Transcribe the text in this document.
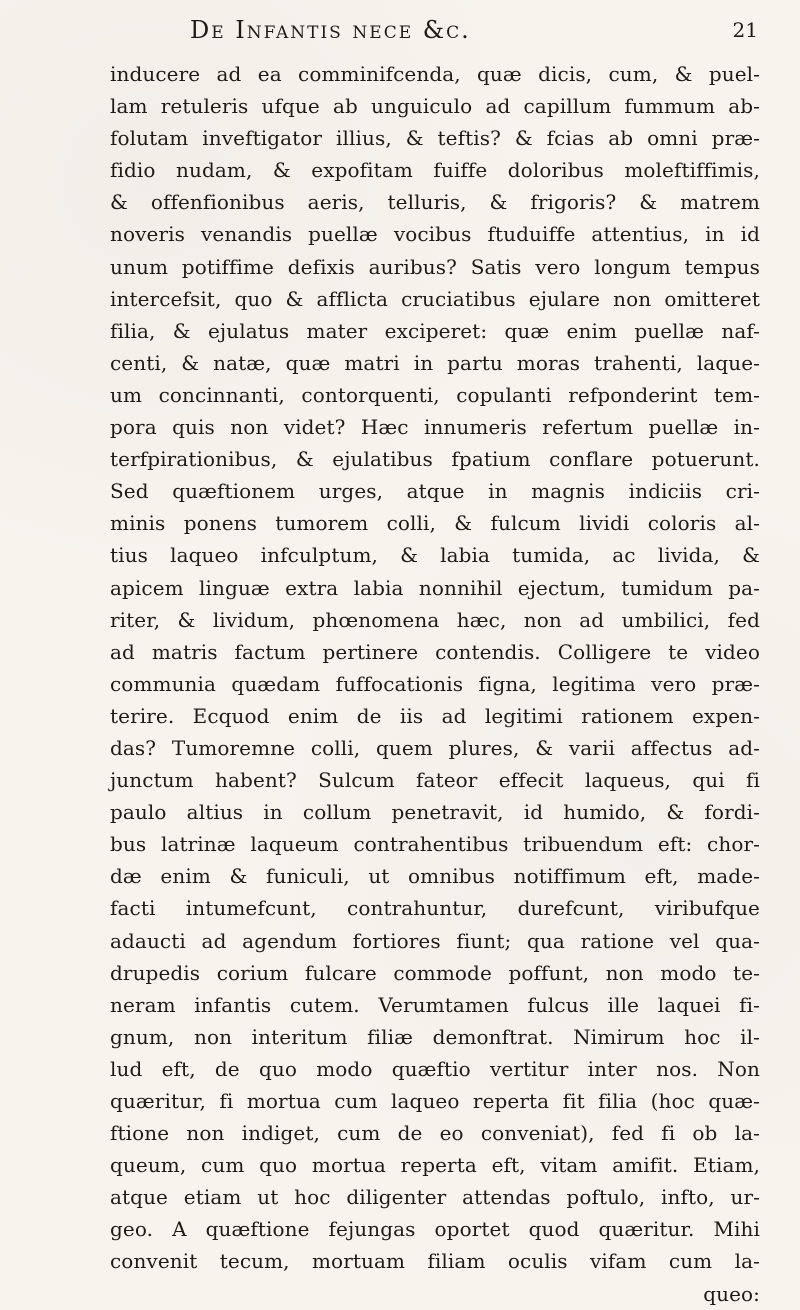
De Infantis nece &c.	21
inducere ad ea comminifcenda, quæ dicis, cum, & puel-
lam retuleris ufque ab unguiculo ad capillum fummum ab-
folutam inveftigator illius, & teftis? & fcias ab omni præ-
fidio nudam, & expofitam fuiffe doloribus moleftiffimis,
& offenfionibus aeris, telluris, & frigoris? & matrem
noveris venandis puellæ vocibus ftuduiffe attentius, in id
unum potiffime defixis auribus? Satis vero longum tempus
intercefsit, quo & afflicta cruciatibus ejulare non omitteret
filia, & ejulatus mater exciperet: quæ enim puellæ naf-
centi, & natæ, quæ matri in partu moras trahenti, laque-
um concinnanti, contorquenti, copulanti refponderint tem-
pora quis non videt? Hæc innumeris refertum puellæ in-
terfpirationibus, & ejulatibus fpatium conflare potuerunt.
Sed quæftionem urges, atque in magnis indiciis cri-
minis ponens tumorem colli, & fulcum lividi coloris al-
tius laqueo infculptum, & labia tumida, ac livida, &
apicem linguæ extra labia nonnihil ejectum, tumidum pa-
riter, & lividum, phœnomena hæc, non ad umbilici, fed
ad matris factum pertinere contendis. Colligere te video
communia quædam fuffocationis figna, legitima vero præ-
terire. Ecquod enim de iis ad legitimi rationem expen-
das? Tumoremne colli, quem plures, & varii affectus ad-
junctum habent? Sulcum fateor effecit laqueus, qui fi
paulo altius in collum penetravit, id humido, & fordi-
bus latrinæ laqueum contrahentibus tribuendum eft: chor-
dæ enim & funiculi, ut omnibus notiffimum eft, made-
facti intumefcunt, contrahuntur, durefcunt, viribufque
adaucti ad agendum fortiores fiunt; qua ratione vel qua-
drupedis corium fulcare commode poffunt, non modo te-
neram infantis cutem. Verumtamen fulcus ille laquei fi-
gnum, non interitum filiæ demonftrat. Nimirum hoc il-
lud eft, de quo modo quæftio vertitur inter nos. Non
quæritur, fi mortua cum laqueo reperta fit filia (hoc quæ-
ftione non indiget, cum de eo conveniat), fed fi ob la-
queum, cum quo mortua reperta eft, vitam amifit. Etiam,
atque etiam ut hoc diligenter attendas poftulo, infto, ur-
geo. A quæftione fejungas oportet quod quæritur. Mihi
convenit tecum, mortuam filiam oculis vifam cum la-
queo:
